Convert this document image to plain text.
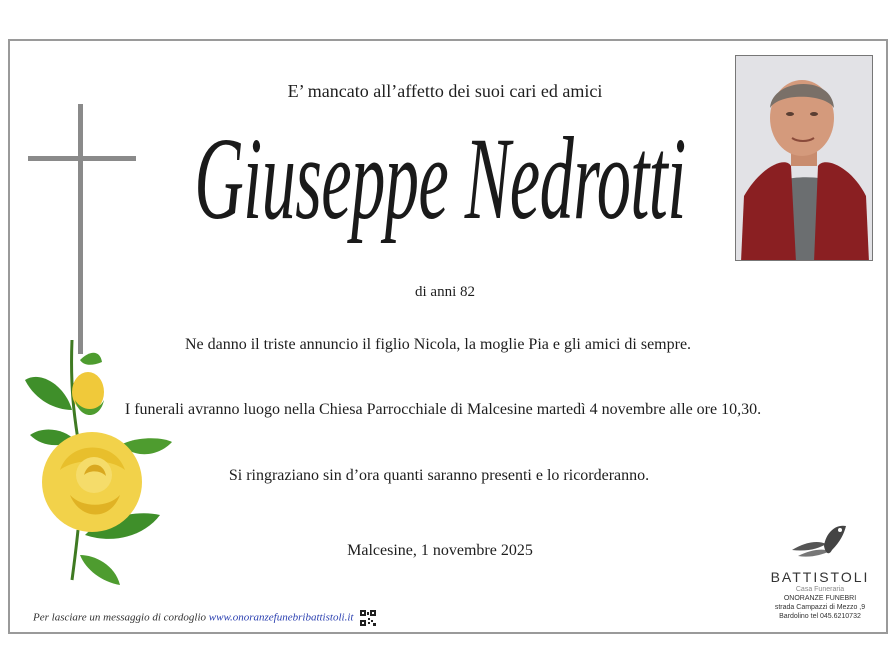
E’ mancato all’affetto dei suoi cari ed amici
Giuseppe Nedrotti
di anni 82
Ne danno il triste annuncio il figlio Nicola, la moglie Pia e gli amici di sempre.
I funerali avranno luogo nella Chiesa Parrocchiale di Malcesine martedì 4 novembre alle ore 10,30.
Si ringraziano sin d’ora quanti saranno presenti e lo ricorderanno.
Malcesine, 1 novembre 2025
Per lasciare un messaggio di cordoglio www.onoranzefunebribattistoli.it
BATTISTOLI
Casa Funeraria
ONORANZE FUNEBRI
strada Campazzi di Mezzo ,9
Bardolino tel 045.6210732
